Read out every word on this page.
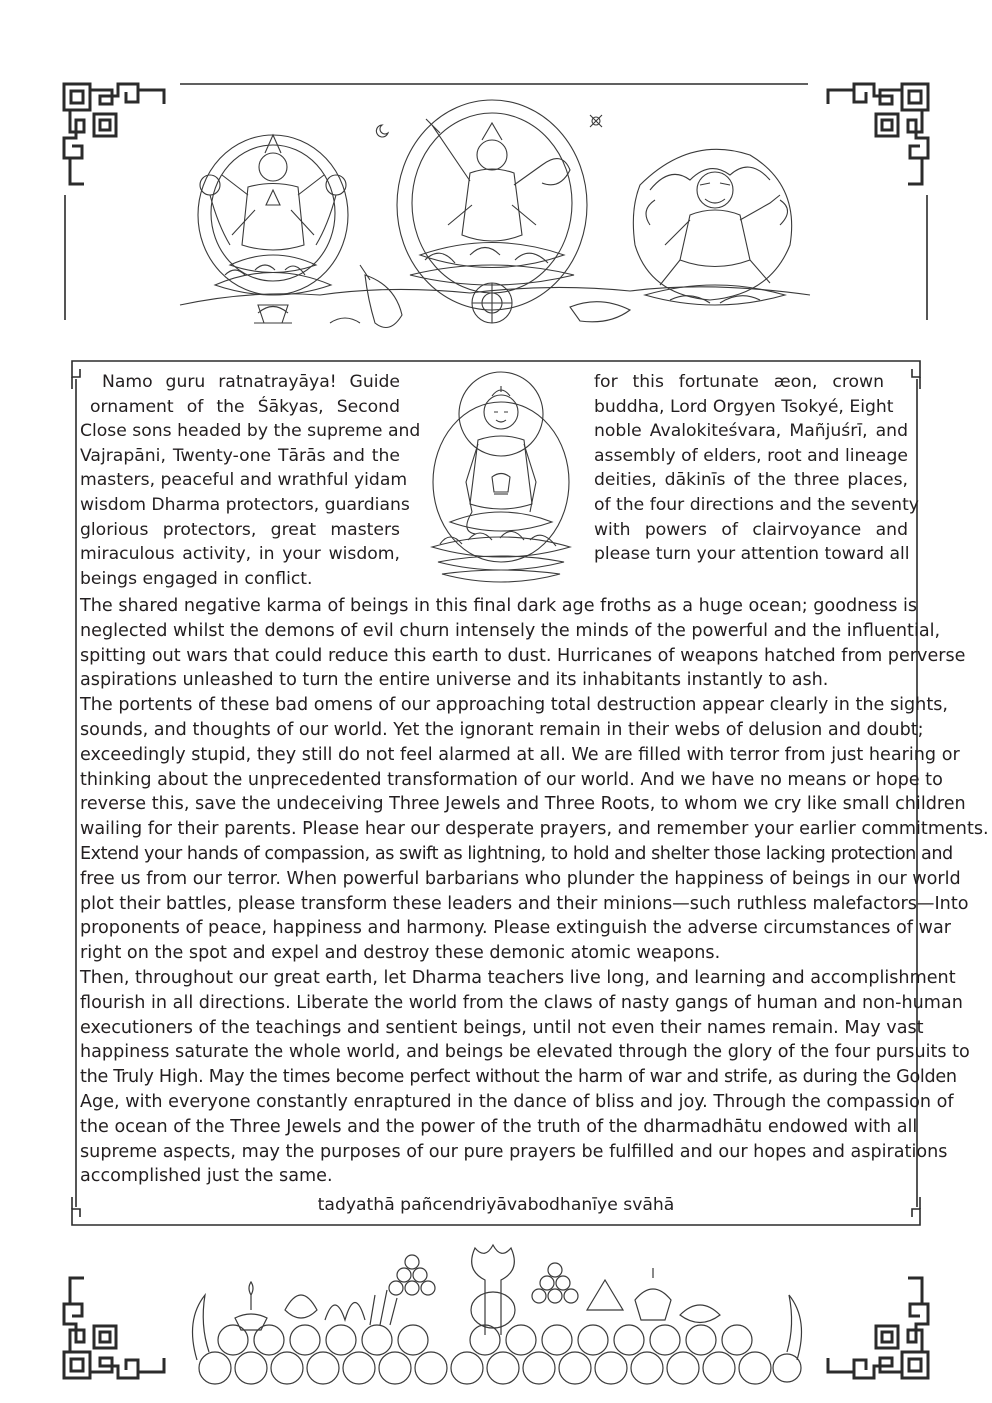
Namo guru ratnatrayāya! Guide

ornament of the Śākyas, Second

Close sons headed by the supreme and

Vajrapāni, Twenty-one Tārās and the

masters, peaceful and wrathful yidam

wisdom Dharma protectors, guardians

glorious protectors, great masters

miraculous activity, in your wisdom,

beings engaged in conflict.

for this fortunate æon, crown

buddha, Lord Orgyen Tsokyé, Eight

noble Avalokiteśvara, Mañjuśrī, and

assembly of elders, root and lineage

deities, dākinīs of the three places,

of the four directions and the seventy

with powers of clairvoyance and

please turn your attention toward all

The shared negative karma of beings in this final dark age froths as a huge ocean; goodness is
neglected whilst the demons of evil churn intensely the minds of the powerful and the influential,
spitting out wars that could reduce this earth to dust. Hurricanes of weapons hatched from perverse
aspirations unleashed to turn the entire universe and its inhabitants instantly to ash.

The portents of these bad omens of our approaching total destruction appear clearly in the sights,
sounds, and thoughts of our world. Yet the ignorant remain in their webs of delusion and doubt;
exceedingly stupid, they still do not feel alarmed at all. We are filled with terror from just hearing or
thinking about the unprecedented transformation of our world. And we have no means or hope to
reverse this, save the undeceiving Three Jewels and Three Roots, to whom we cry like small children
wailing for their parents. Please hear our desperate prayers, and remember your earlier commitments.
Extend your hands of compassion, as swift as lightning, to hold and shelter those lacking protection and
free us from our terror. When powerful barbarians who plunder the happiness of beings in our world
plot their battles, please transform these leaders and their minions—such ruthless malefactors—Into
proponents of peace, happiness and harmony. Please extinguish the adverse circumstances of war
right on the spot and expel and destroy these demonic atomic weapons.

Then, throughout our great earth, let Dharma teachers live long, and learning and accomplishment
flourish in all directions. Liberate the world from the claws of nasty gangs of human and non-human
executioners of the teachings and sentient beings, until not even their names remain. May vast
happiness saturate the whole world, and beings be elevated through the glory of the four pursuits to
the Truly High. May the times become perfect without the harm of war and strife, as during the Golden
Age, with everyone constantly enraptured in the dance of bliss and joy. Through the compassion of
the ocean of the Three Jewels and the power of the truth of the dharmadhātu endowed with all
supreme aspects, may the purposes of our pure prayers be fulfilled and our hopes and aspirations
accomplished just the same.

tadyathā pañcendriyāvabodhanīye svāhā
